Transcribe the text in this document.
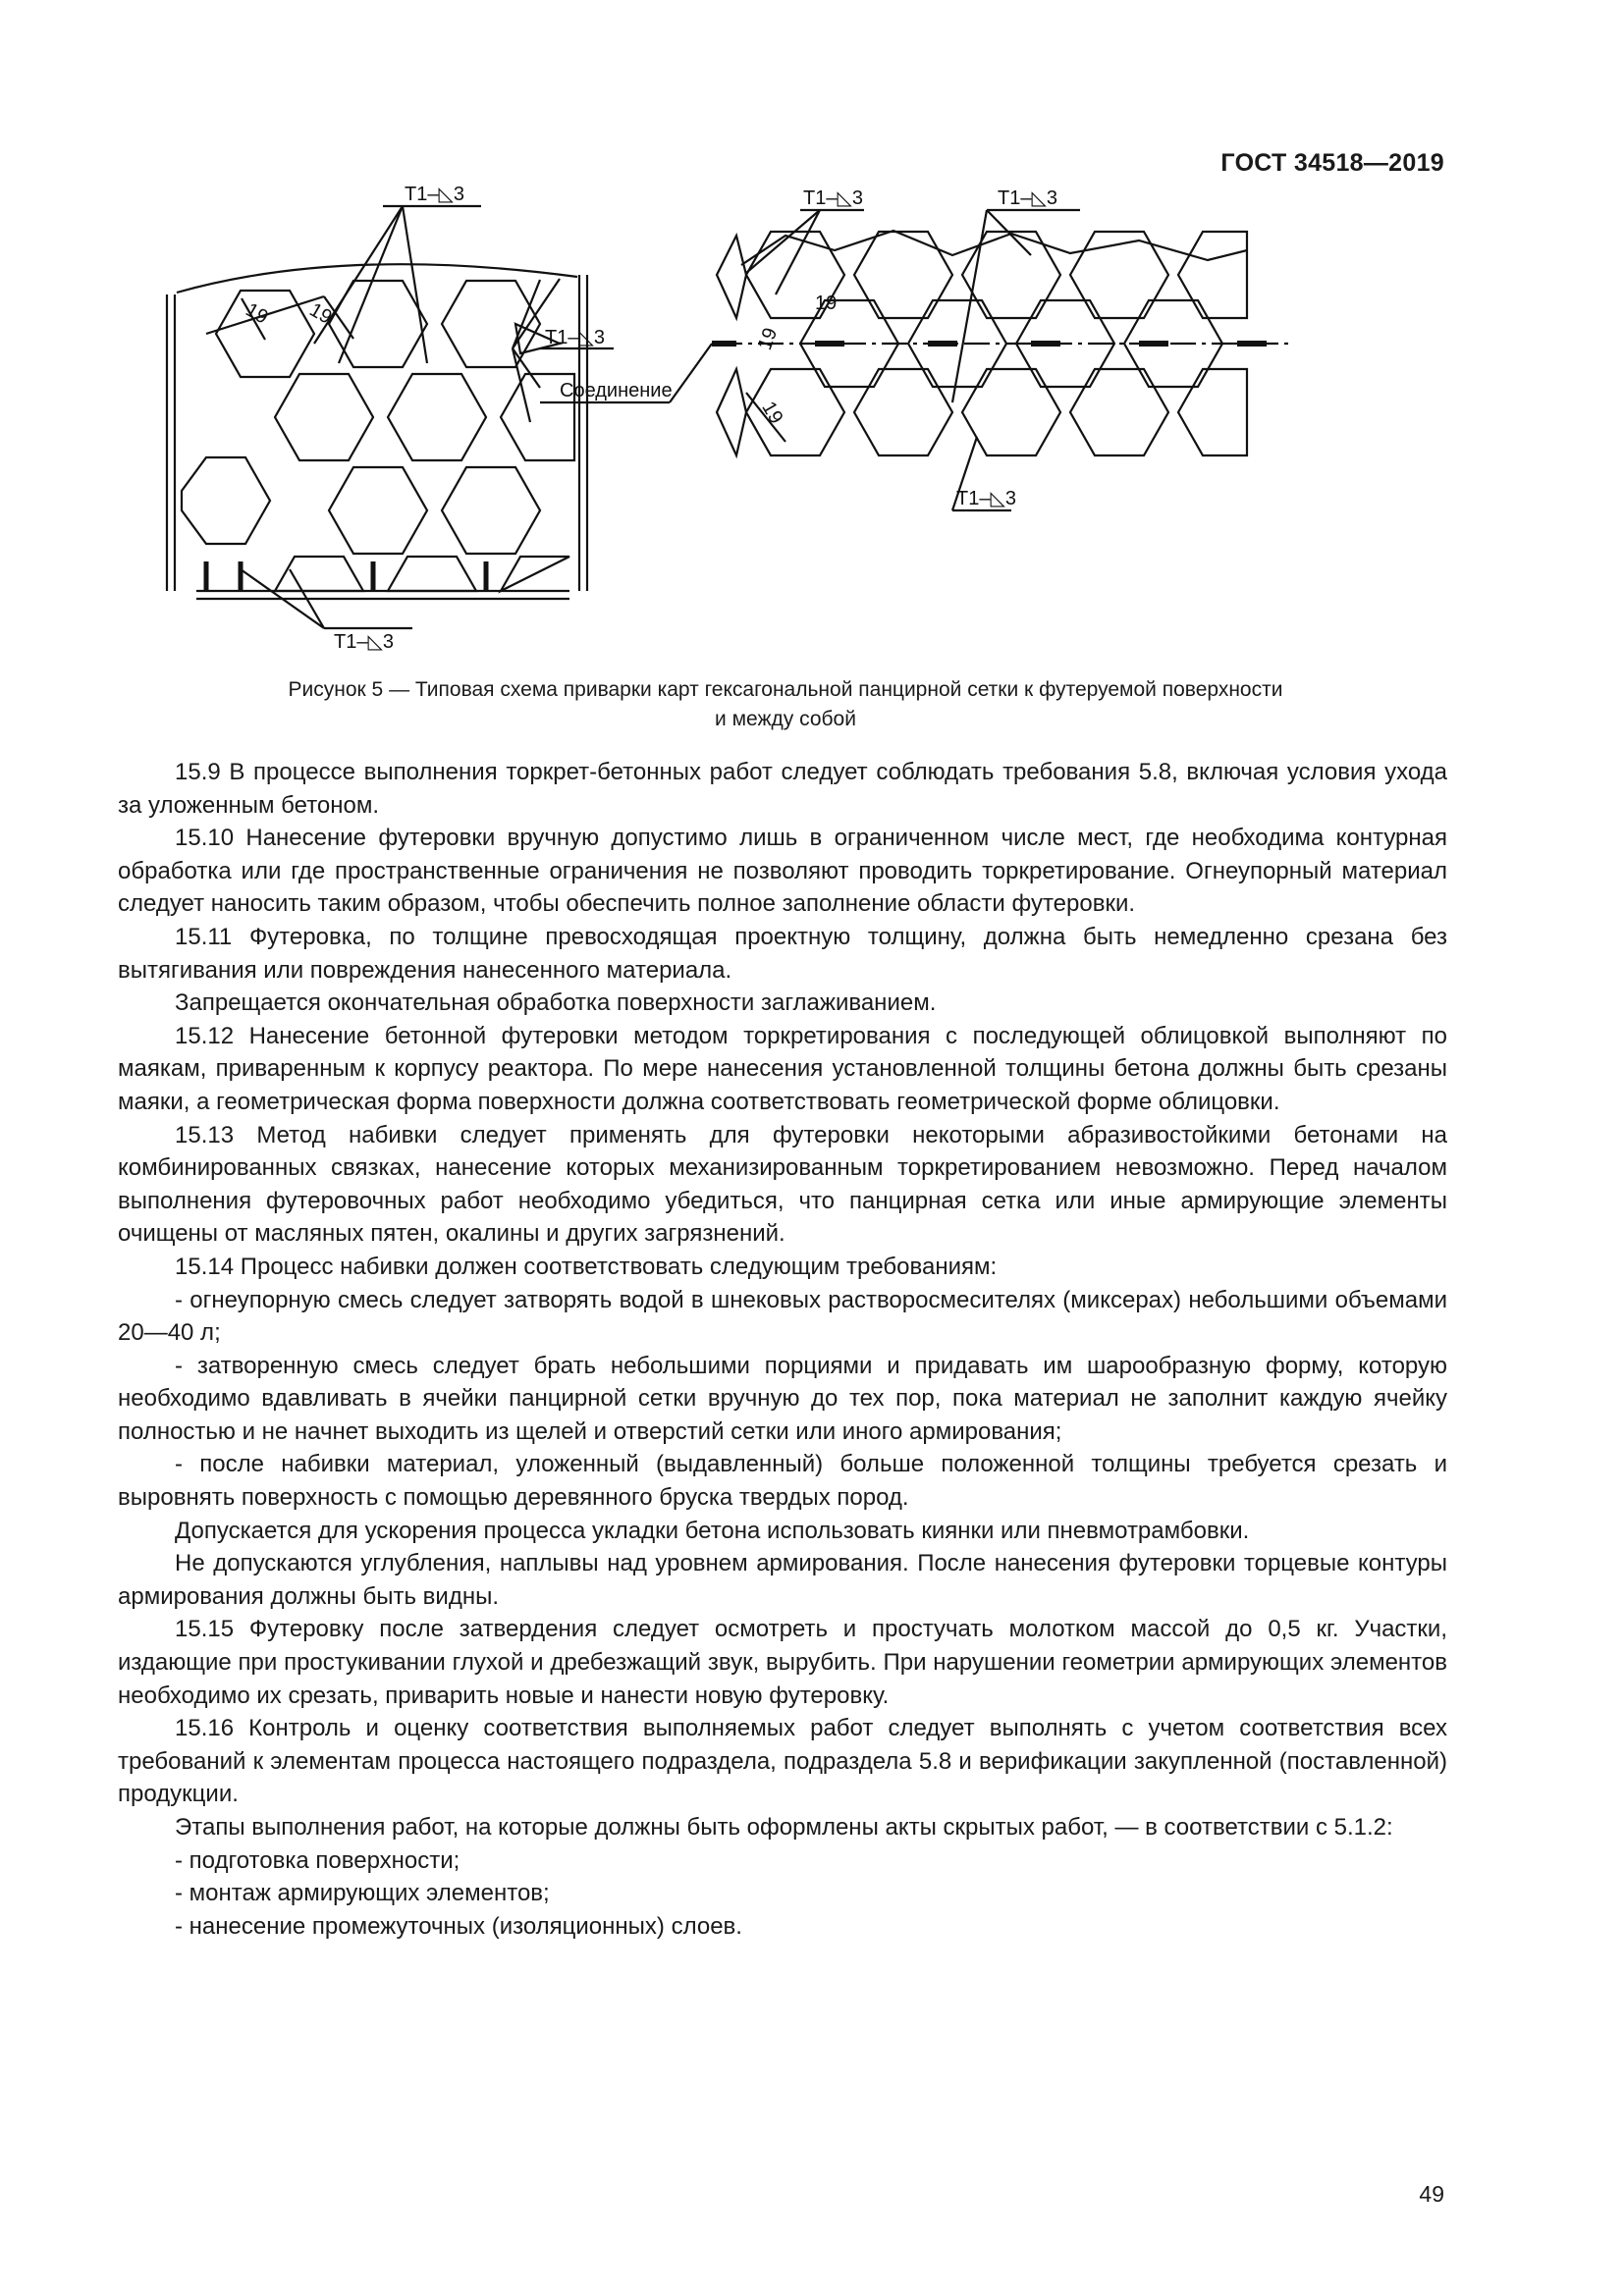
ГОСТ 34518—2019
Т1–◺3
Т1–◺3
Т1–◺3
Т1–◺3	Т1–◺3
Т1–◺3
Соединение
19 19	19
19
19
Рисунок 5 — Типовая схема приварки карт гексагональной панцирной сетки к футеруемой поверхности
и между собой

15.9 В процессе выполнения торкрет-бетонных работ следует соблюдать требования 5.8, включая условия ухода за уложенным бетоном.

15.10 Нанесение футеровки вручную допустимо лишь в ограниченном числе мест, где необходима контурная обработка или где пространственные ограничения не позволяют проводить торкретирование. Огнеупорный материал следует наносить таким образом, чтобы обеспечить полное заполнение области футеровки.

15.11 Футеровка, по толщине превосходящая проектную толщину, должна быть немедленно срезана без вытягивания или повреждения нанесенного материала.

Запрещается окончательная обработка поверхности заглаживанием.

15.12 Нанесение бетонной футеровки методом торкретирования с последующей облицовкой выполняют по маякам, приваренным к корпусу реактора. По мере нанесения установленной толщины бетона должны быть срезаны маяки, а геометрическая форма поверхности должна соответствовать геометрической форме облицовки.

15.13 Метод набивки следует применять для футеровки некоторыми абразивостойкими бетонами на комбинированных связках, нанесение которых механизированным торкретированием невозможно. Перед началом выполнения футеровочных работ необходимо убедиться, что панцирная сетка или иные армирующие элементы очищены от масляных пятен, окалины и других загрязнений.

15.14 Процесс набивки должен соответствовать следующим требованиям:

- огнеупорную смесь следует затворять водой в шнековых растворосмесителях (миксерах) небольшими объемами 20—40 л;

- затворенную смесь следует брать небольшими порциями и придавать им шарообразную форму, которую необходимо вдавливать в ячейки панцирной сетки вручную до тех пор, пока материал не заполнит каждую ячейку полностью и не начнет выходить из щелей и отверстий сетки или иного армирования;

- после набивки материал, уложенный (выдавленный) больше положенной толщины требуется срезать и выровнять поверхность с помощью деревянного бруска твердых пород.

Допускается для ускорения процесса укладки бетона использовать киянки или пневмотрамбовки.

Не допускаются углубления, наплывы над уровнем армирования. После нанесения футеровки торцевые контуры армирования должны быть видны.

15.15 Футеровку после затвердения следует осмотреть и простучать молотком массой до 0,5 кг. Участки, издающие при простукивании глухой и дребезжащий звук, вырубить. При нарушении геометрии армирующих элементов необходимо их срезать, приварить новые и нанести новую футеровку.

15.16 Контроль и оценку соответствия выполняемых работ следует выполнять с учетом соответствия всех требований к элементам процесса настоящего подраздела, подраздела 5.8 и верификации закупленной (поставленной) продукции.

Этапы выполнения работ, на которые должны быть оформлены акты скрытых работ, — в соответствии с 5.1.2:

- подготовка поверхности;

- монтаж армирующих элементов;

- нанесение промежуточных (изоляционных) слоев.

49
